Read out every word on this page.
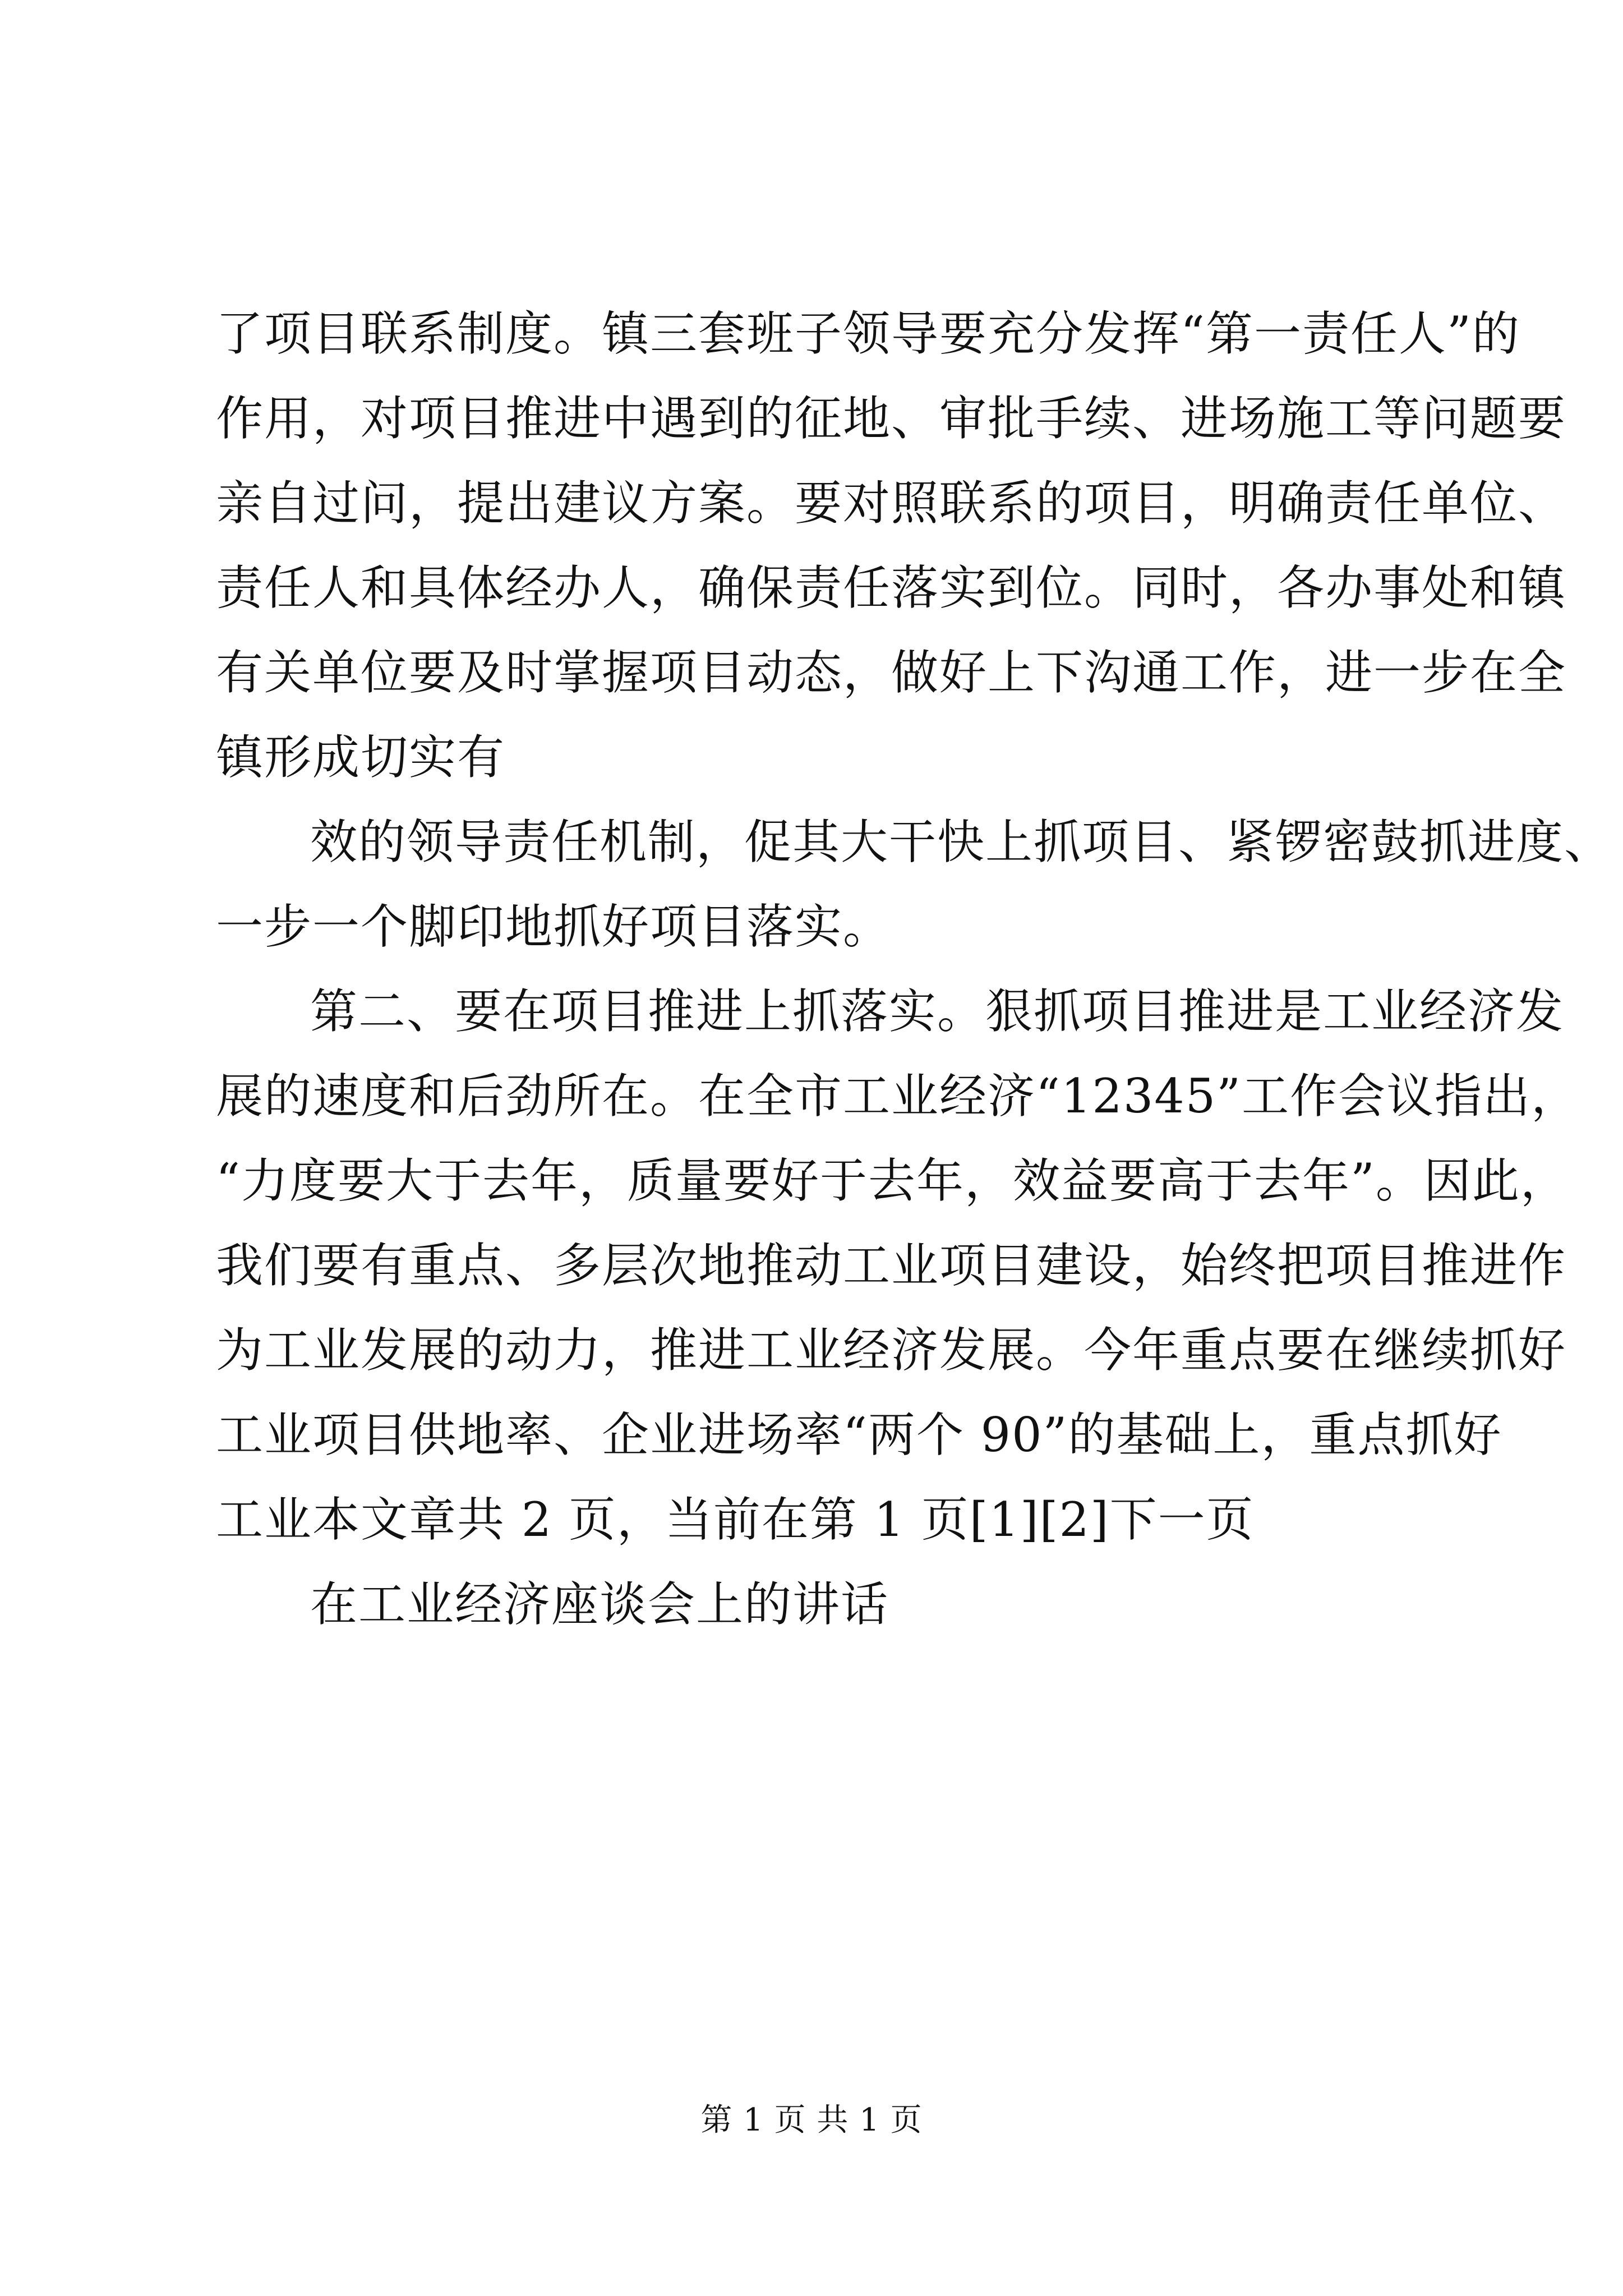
了项目联系制度。镇三套班子领导要充分发挥“第一责任人”的
作用，对项目推进中遇到的征地、审批手续、进场施工等问题要
亲自过问，提出建议方案。要对照联系的项目，明确责任单位、
责任人和具体经办人，确保责任落实到位。同时，各办事处和镇
有关单位要及时掌握项目动态，做好上下沟通工作，进一步在全
镇形成切实有
效的领导责任机制，促其大干快上抓项目、紧锣密鼓抓进度、
一步一个脚印地抓好项目落实。
第二、要在项目推进上抓落实。狠抓项目推进是工业经济发
展的速度和后劲所在。在全市工业经济“12345”工作会议指出，
“力度要大于去年，质量要好于去年，效益要高于去年”。因此，
我们要有重点、多层次地推动工业项目建设，始终把项目推进作
为工业发展的动力，推进工业经济发展。今年重点要在继续抓好
工业项目供地率、企业进场率“两个 90”的基础上，重点抓好
工业本文章共 2 页，当前在第 1 页[1][2]下一页
在工业经济座谈会上的讲话
第 1 页 共 1 页
